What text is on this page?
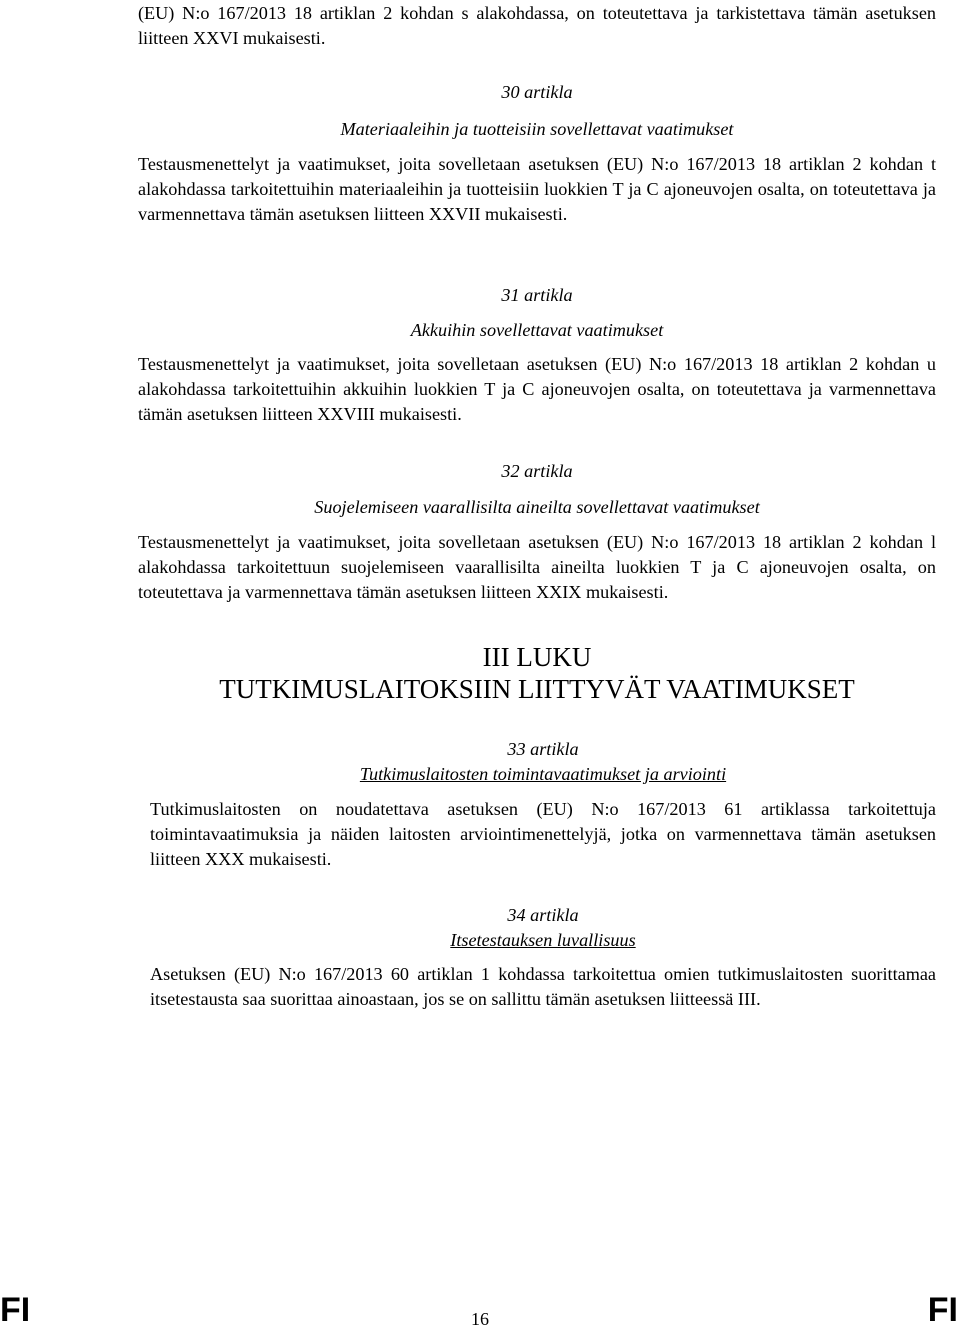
(EU) N:o 167/2013 18 artiklan 2 kohdan s alakohdassa, on toteutettava ja tarkistettava tämän asetuksen liitteen XXVI mukaisesti.

30 artikla
Materiaaleihin ja tuotteisiin sovellettavat vaatimukset

Testausmenettelyt ja vaatimukset, joita sovelletaan asetuksen (EU) N:o 167/2013 18 artiklan 2 kohdan t alakohdassa tarkoitettuihin materiaaleihin ja tuotteisiin luokkien T ja C ajoneuvojen osalta, on toteutettava ja varmennettava tämän asetuksen liitteen XXVII mukaisesti.

31 artikla
Akkuihin sovellettavat vaatimukset

Testausmenettelyt ja vaatimukset, joita sovelletaan asetuksen (EU) N:o 167/2013 18 artiklan 2 kohdan u alakohdassa tarkoitettuihin akkuihin luokkien T ja C ajoneuvojen osalta, on toteutettava ja varmennettava tämän asetuksen liitteen XXVIII mukaisesti.

32 artikla
Suojelemiseen vaarallisilta aineilta sovellettavat vaatimukset

Testausmenettelyt ja vaatimukset, joita sovelletaan asetuksen (EU) N:o 167/2013 18 artiklan 2 kohdan l alakohdassa tarkoitettuun suojelemiseen vaarallisilta aineilta luokkien T ja C ajoneuvojen osalta, on toteutettava ja varmennettava tämän asetuksen liitteen XXIX mukaisesti.

III LUKU
TUTKIMUSLAITOKSIIN LIITTYVÄT VAATIMUKSET
33 artikla
Tutkimuslaitosten toimintavaatimukset ja arviointi

Tutkimuslaitosten on noudatettava asetuksen (EU) N:o 167/2013 61 artiklassa tarkoitettuja toimintavaatimuksia ja näiden laitosten arviointimenettelyjä, jotka on varmennettava tämän asetuksen liitteen XXX mukaisesti.

34 artikla
Itsetestauksen luvallisuus

Asetuksen (EU) N:o 167/2013 60 artiklan 1 kohdassa tarkoitettua omien tutkimuslaitosten suorittamaa itsetestausta saa suorittaa ainoastaan, jos se on sallittu tämän asetuksen liitteessä III.

FI	16	FI
